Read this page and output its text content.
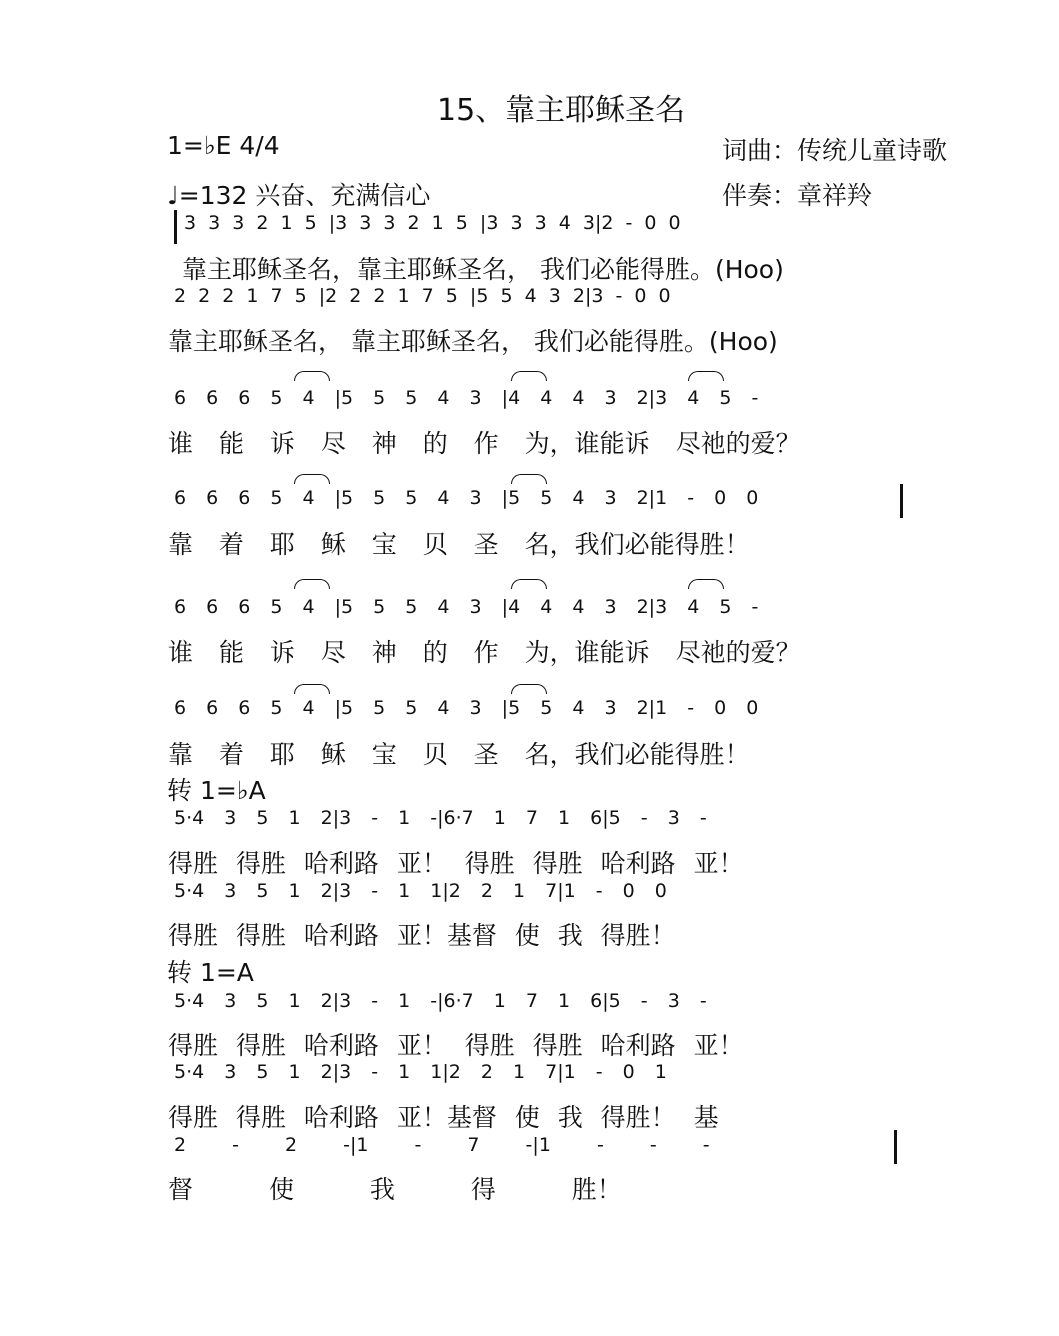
15、靠主耶稣圣名
1=♭E 4/4	词曲：传统儿童诗歌
♩=132 兴奋、充满信心	伴奏：章祥羚
3 3 3 2 1 5 |3 3 3 2 1 5 |3 3 3 4 3|2 - 0 0
靠主耶稣圣名，靠主耶稣圣名， 我们必能得胜。(Hoo)
2 2 2 1 7 5 |2 2 2 1 7 5 |5 5 4 3 2|3 - 0 0
靠主耶稣圣名， 靠主耶稣圣名， 我们必能得胜。(Hoo)
6 6 6 5 4 |5 5 5 4 3 |4 4 4 3 2|3 4 5 -
谁 能 诉 尽 神 的 作 为，谁能诉 尽祂的爱？
6 6 6 5 4 |5 5 5 4 3 |5 5 4 3 2|1 - 0 0
靠 着 耶 稣 宝 贝 圣 名，我们必能得胜！
6 6 6 5 4 |5 5 5 4 3 |4 4 4 3 2|3 4 5 -
谁 能 诉 尽 神 的 作 为，谁能诉 尽祂的爱？
6 6 6 5 4 |5 5 5 4 3 |5 5 4 3 2|1 - 0 0
靠 着 耶 稣 宝 贝 圣 名，我们必能得胜！
转 1=♭A
5·4 3 5 1 2|3 - 1 -|6·7 1 7 1 6|5 - 3 -
得胜 得胜 哈利路 亚！ 得胜 得胜 哈利路 亚！
5·4 3 5 1 2|3 - 1 1|2 2 1 7|1 - 0 0
得胜 得胜 哈利路 亚！基督 使 我 得胜！
转 1=A
5·4 3 5 1 2|3 - 1 -|6·7 1 7 1 6|5 - 3 -
得胜 得胜 哈利路 亚！ 得胜 得胜 哈利路 亚！
5·4 3 5 1 2|3 - 1 1|2 2 1 7|1 - 0 1
得胜 得胜 哈利路 亚！基督 使 我 得胜！ 基
2 - 2 -|1 - 7 -|1 - - -
督 使 我 得 胜！
